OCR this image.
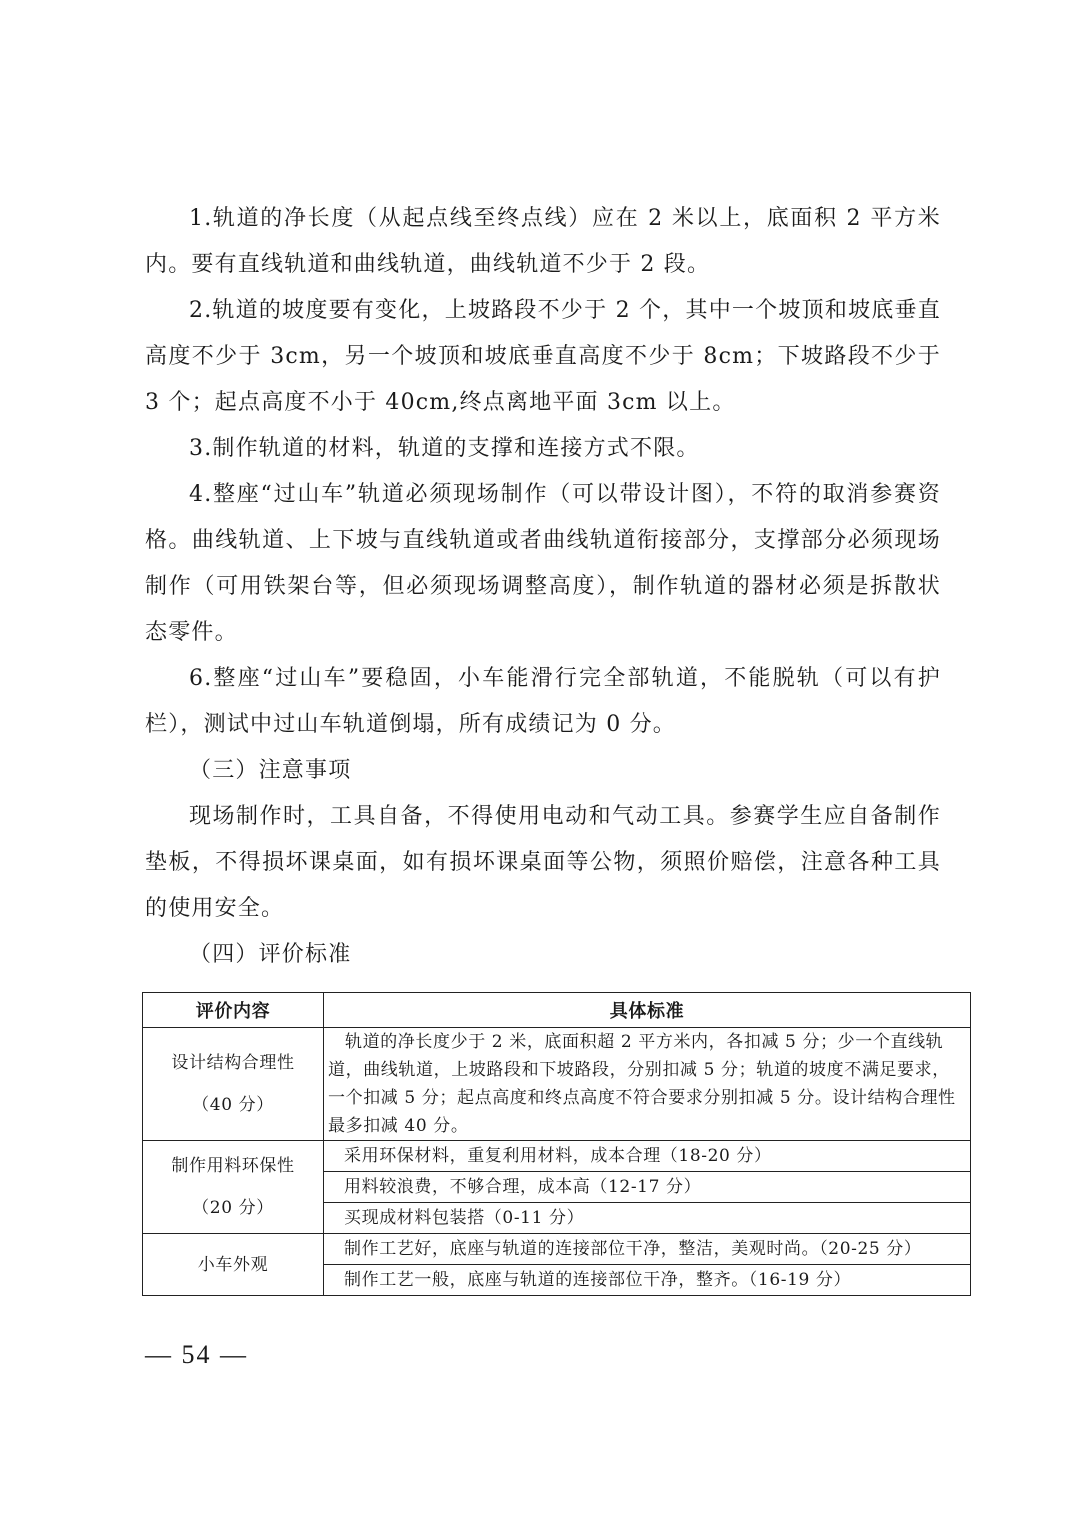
1.轨道的净长度（从起点线至终点线）应在 2 米以上，底面积 2 平方米内。要有直线轨道和曲线轨道，曲线轨道不少于 2 段。

2.轨道的坡度要有变化，上坡路段不少于 2 个，其中一个坡顶和坡底垂直高度不少于 3cm，另一个坡顶和坡底垂直高度不少于 8cm；下坡路段不少于 3 个；起点高度不小于 40cm,终点离地平面 3cm 以上。

3.制作轨道的材料，轨道的支撑和连接方式不限。

4.整座“过山车”轨道必须现场制作（可以带设计图），不符的取消参赛资格。曲线轨道、上下坡与直线轨道或者曲线轨道衔接部分，支撑部分必须现场制作（可用铁架台等，但必须现场调整高度），制作轨道的器材必须是拆散状态零件。

6.整座“过山车”要稳固，小车能滑行完全部轨道，不能脱轨（可以有护栏），测试中过山车轨道倒塌，所有成绩记为 0 分。

（三）注意事项

现场制作时，工具自备，不得使用电动和气动工具。参赛学生应自备制作垫板，不得损坏课桌面，如有损坏课桌面等公物，须照价赔偿，注意各种工具的使用安全。

（四）评价标准

评价内容	具体标准

设计结构合理性
（40 分）	轨道的净长度少于 2 米，底面积超 2 平方米内，各扣减 5 分；少一个直线轨道，曲线轨道，上坡路段和下坡路段，分别扣减 5 分；轨道的坡度不满足要求，一个扣减 5 分；起点高度和终点高度不符合要求分别扣减 5 分。设计结构合理性最多扣减 40 分。

制作用料环保性
（20 分）	采用环保材料，重复利用材料，成本合理（18-20 分）
	用料较浪费，不够合理，成本高（12-17 分）
	买现成材料包装搭（0-11 分）

小车外观	制作工艺好，底座与轨道的连接部位干净，整洁，美观时尚。（20-25 分）
	制作工艺一般，底座与轨道的连接部位干净，整齐。（16-19 分）
— 54 —
